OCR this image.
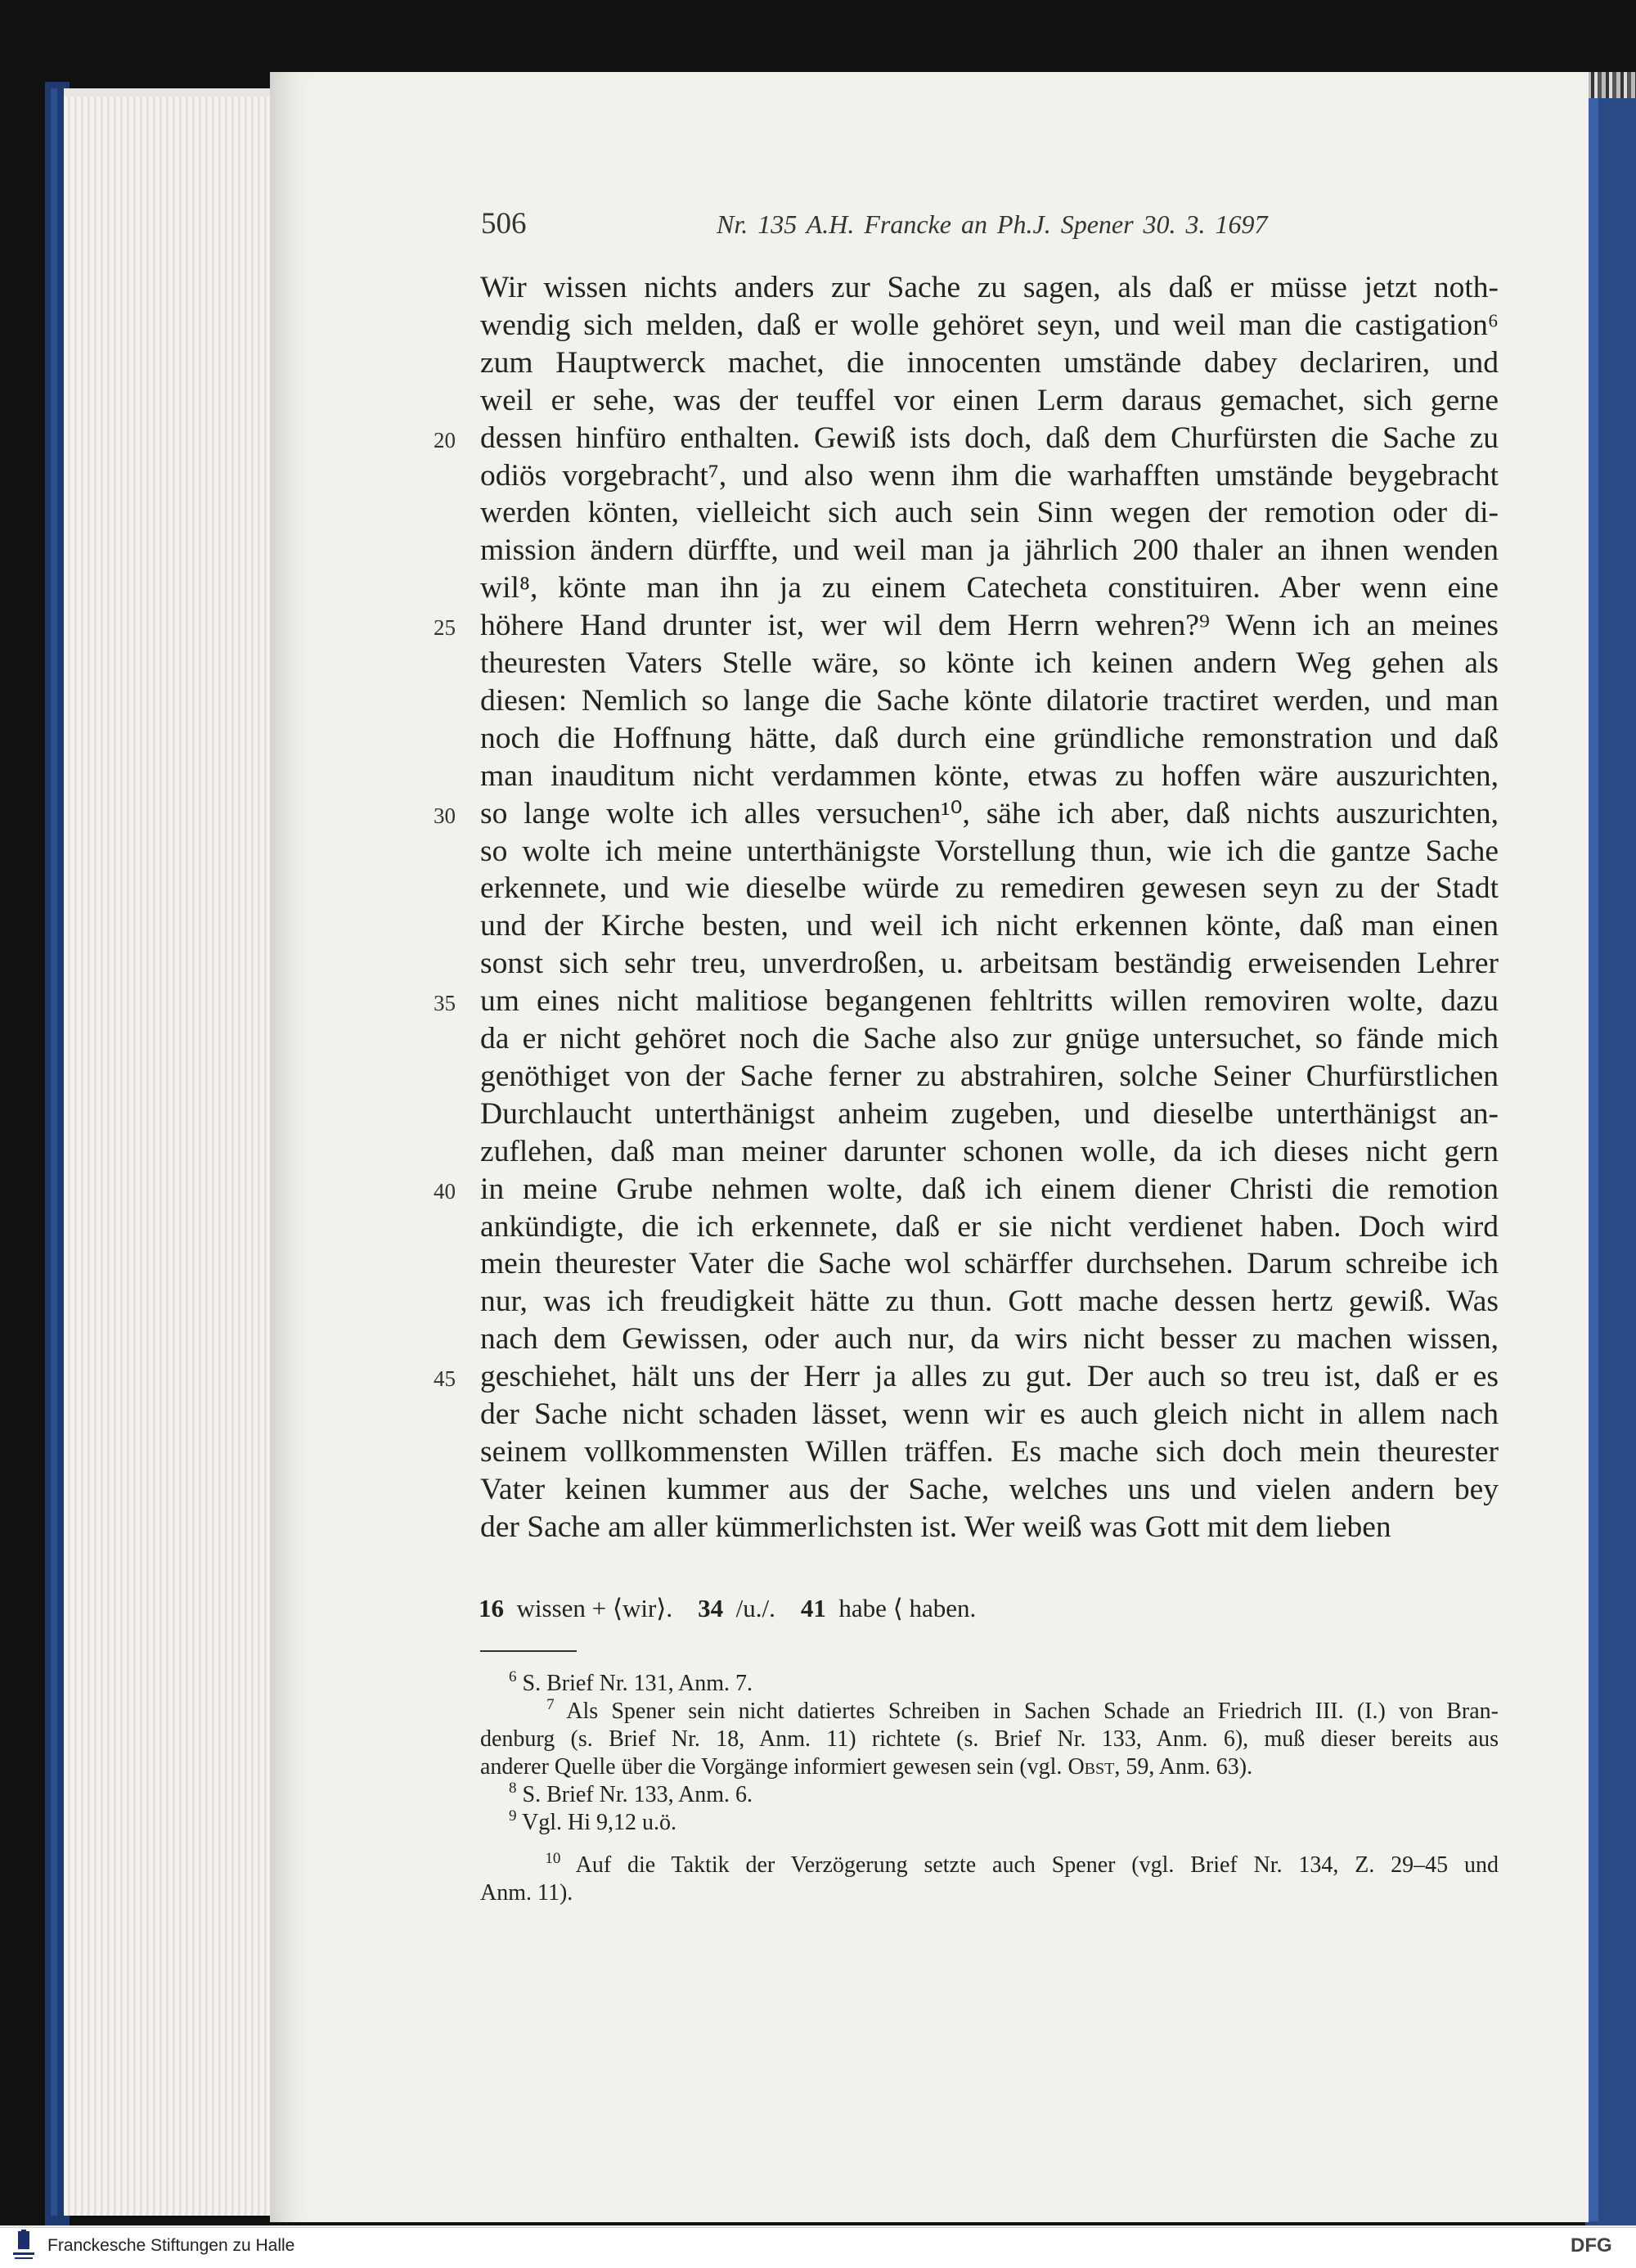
506	Nr. 135 A.H. Francke an Ph.J. Spener 30. 3. 1697
Wir wissen nichts anders zur Sache zu sagen, als daß er müsse jetzt noth-
wendig sich melden, daß er wolle gehöret seyn, und weil man die castigation⁶
zum Hauptwerck machet, die innocenten umstände dabey declariren, und
weil er sehe, was der teuffel vor einen Lerm daraus gemachet, sich gerne
dessen hinfüro enthalten. Gewiß ists doch, daß dem Churfürsten die Sache zu
20
odiös vorgebracht⁷, und also wenn ihm die warhafften umstände beygebracht
werden könten, vielleicht sich auch sein Sinn wegen der remotion oder di-
mission ändern dürffte, und weil man ja jährlich 200 thaler an ihnen wenden
wil⁸, könte man ihn ja zu einem Catecheta constituiren. Aber wenn eine
höhere Hand drunter ist, wer wil dem Herrn wehren?⁹ Wenn ich an meines
25
theuresten Vaters Stelle wäre, so könte ich keinen andern Weg gehen als
diesen: Nemlich so lange die Sache könte dilatorie tractiret werden, und man
noch die Hoffnung hätte, daß durch eine gründliche remonstration und daß
man inauditum nicht verdammen könte, etwas zu hoffen wäre auszurichten,
so lange wolte ich alles versuchen¹⁰, sähe ich aber, daß nichts auszurichten,
30
so wolte ich meine unterthänigste Vorstellung thun, wie ich die gantze Sache
erkennete, und wie dieselbe würde zu remediren gewesen seyn zu der Stadt
und der Kirche besten, und weil ich nicht erkennen könte, daß man einen
sonst sich sehr treu, unverdroßen, u. arbeitsam beständig erweisenden Lehrer
um eines nicht malitiose begangenen fehltritts willen removiren wolte, dazu
35
da er nicht gehöret noch die Sache also zur gnüge untersuchet, so fände mich
genöthiget von der Sache ferner zu abstrahiren, solche Seiner Churfürstlichen
Durchlaucht unterthänigst anheim zugeben, und dieselbe unterthänigst an-
zuflehen, daß man meiner darunter schonen wolle, da ich dieses nicht gern
in meine Grube nehmen wolte, daß ich einem diener Christi die remotion
40
ankündigte, die ich erkennete, daß er sie nicht verdienet haben. Doch wird
mein theurester Vater die Sache wol schärffer durchsehen. Darum schreibe ich
nur, was ich freudigkeit hätte zu thun. Gott mache dessen hertz gewiß. Was
nach dem Gewissen, oder auch nur, da wirs nicht besser zu machen wissen,
geschiehet, hält uns der Herr ja alles zu gut. Der auch so treu ist, daß er es
45
der Sache nicht schaden lässet, wenn wir es auch gleich nicht in allem nach
seinem vollkommensten Willen träffen. Es mache sich doch mein theurester
Vater keinen kummer aus der Sache, welches uns und vielen andern bey
der Sache am aller kümmerlichsten ist. Wer weiß was Gott mit dem lieben
16 wissen + ⟨wir⟩. 34 /u./. 41 habe ⟨ haben.
$^6$ S. Brief Nr. 131, Anm. 7.
$^7$ Als Spener sein nicht datiertes Schreiben in Sachen Schade an Friedrich III. (I.) von Bran-
denburg (s. Brief Nr. 18, Anm. 11) richtete (s. Brief Nr. 133, Anm. 6), muß dieser bereits aus
anderer Quelle über die Vorgänge informiert gewesen sein (vgl. Obst, 59, Anm. 63).
$^8$ S. Brief Nr. 133, Anm. 6.
$^9$ Vgl. Hi 9,12 u.ö.
$^{10}$ Auf die Taktik der Verzögerung setzte auch Spener (vgl. Brief Nr. 134, Z. 29–45 und
Anm. 11).
Franckesche Stiftungen zu Halle	DFG
